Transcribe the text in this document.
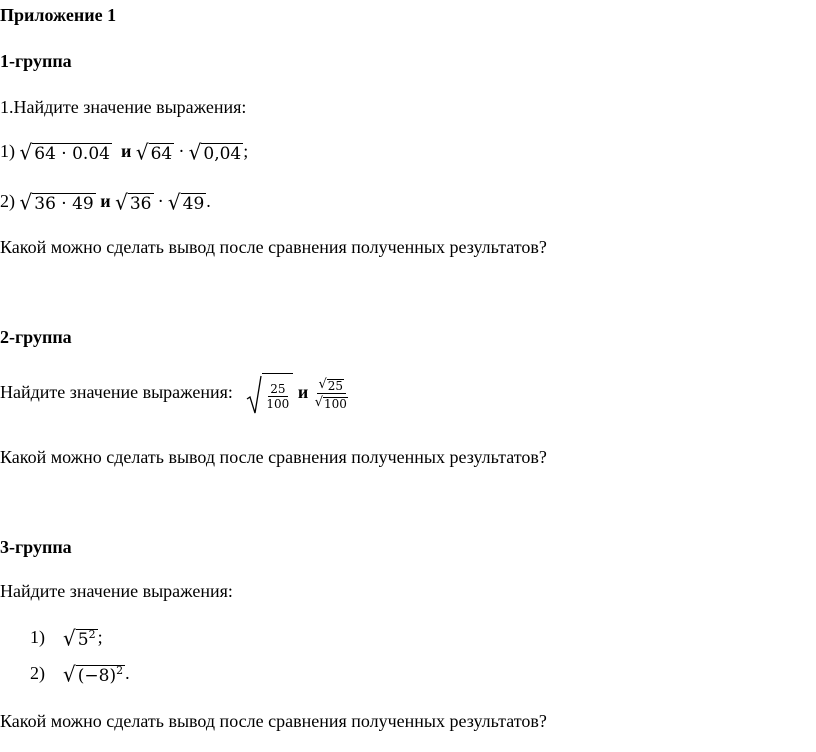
Приложение 1
1-группа
1.Найдите значение выражения:
1) √ 64 · 0.04 и √ 64 · √ 0,04 ;
2) √ 36 · 49 и √ 36 · √ 49 .
Какой можно сделать вывод после сравнения полученных результатов?
2-группа
Найдите значение выражения:	$\frac{25}{100}$ и $\frac{√ 25}{√ 100}$
Какой можно сделать вывод после сравнения полученных результатов?
3-группа
Найдите значение выражения:
1) √ $5^2$ ;
2) √ $(-8)^2$ .
Какой можно сделать вывод после сравнения полученных результатов?
